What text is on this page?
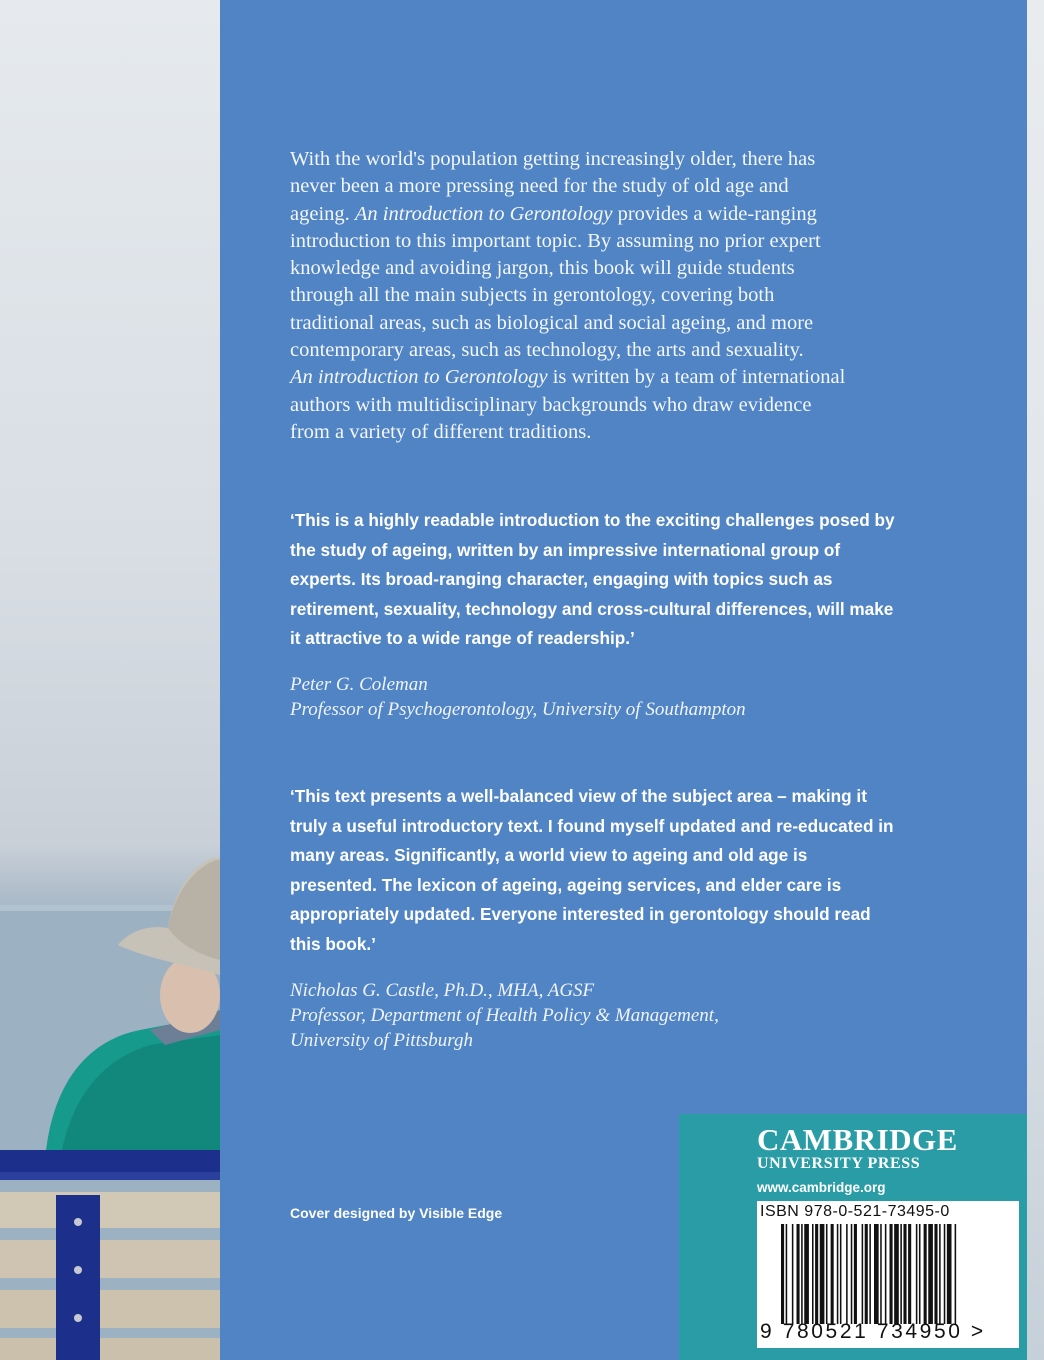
With the world's population getting increasingly older, there has
never been a more pressing need for the study of old age and
ageing. An introduction to Gerontology provides a wide-ranging
introduction to this important topic. By assuming no prior expert
knowledge and avoiding jargon, this book will guide students
through all the main subjects in gerontology, covering both
traditional areas, such as biological and social ageing, and more
contemporary areas, such as technology, the arts and sexuality.
An introduction to Gerontology is written by a team of international
authors with multidisciplinary backgrounds who draw evidence
from a variety of different traditions.
‘This is a highly readable introduction to the exciting challenges posed by
the study of ageing, written by an impressive international group of
experts. Its broad-ranging character, engaging with topics such as
retirement, sexuality, technology and cross-cultural differences, will make
it attractive to a wide range of readership.’
Peter G. Coleman
Professor of Psychogerontology, University of Southampton
‘This text presents a well-balanced view of the subject area – making it
truly a useful introductory text. I found myself updated and re-educated in
many areas. Significantly, a world view to ageing and old age is
presented. The lexicon of ageing, ageing services, and elder care is
appropriately updated. Everyone interested in gerontology should read
this book.’
Nicholas G. Castle, Ph.D., MHA, AGSF
Professor, Department of Health Policy & Management,
University of Pittsburgh
Cover designed by Visible Edge
CAMBRIDGE
UNIVERSITY PRESS
www.cambridge.org
ISBN 978-0-521-73495-0
9 780521 734950 >
